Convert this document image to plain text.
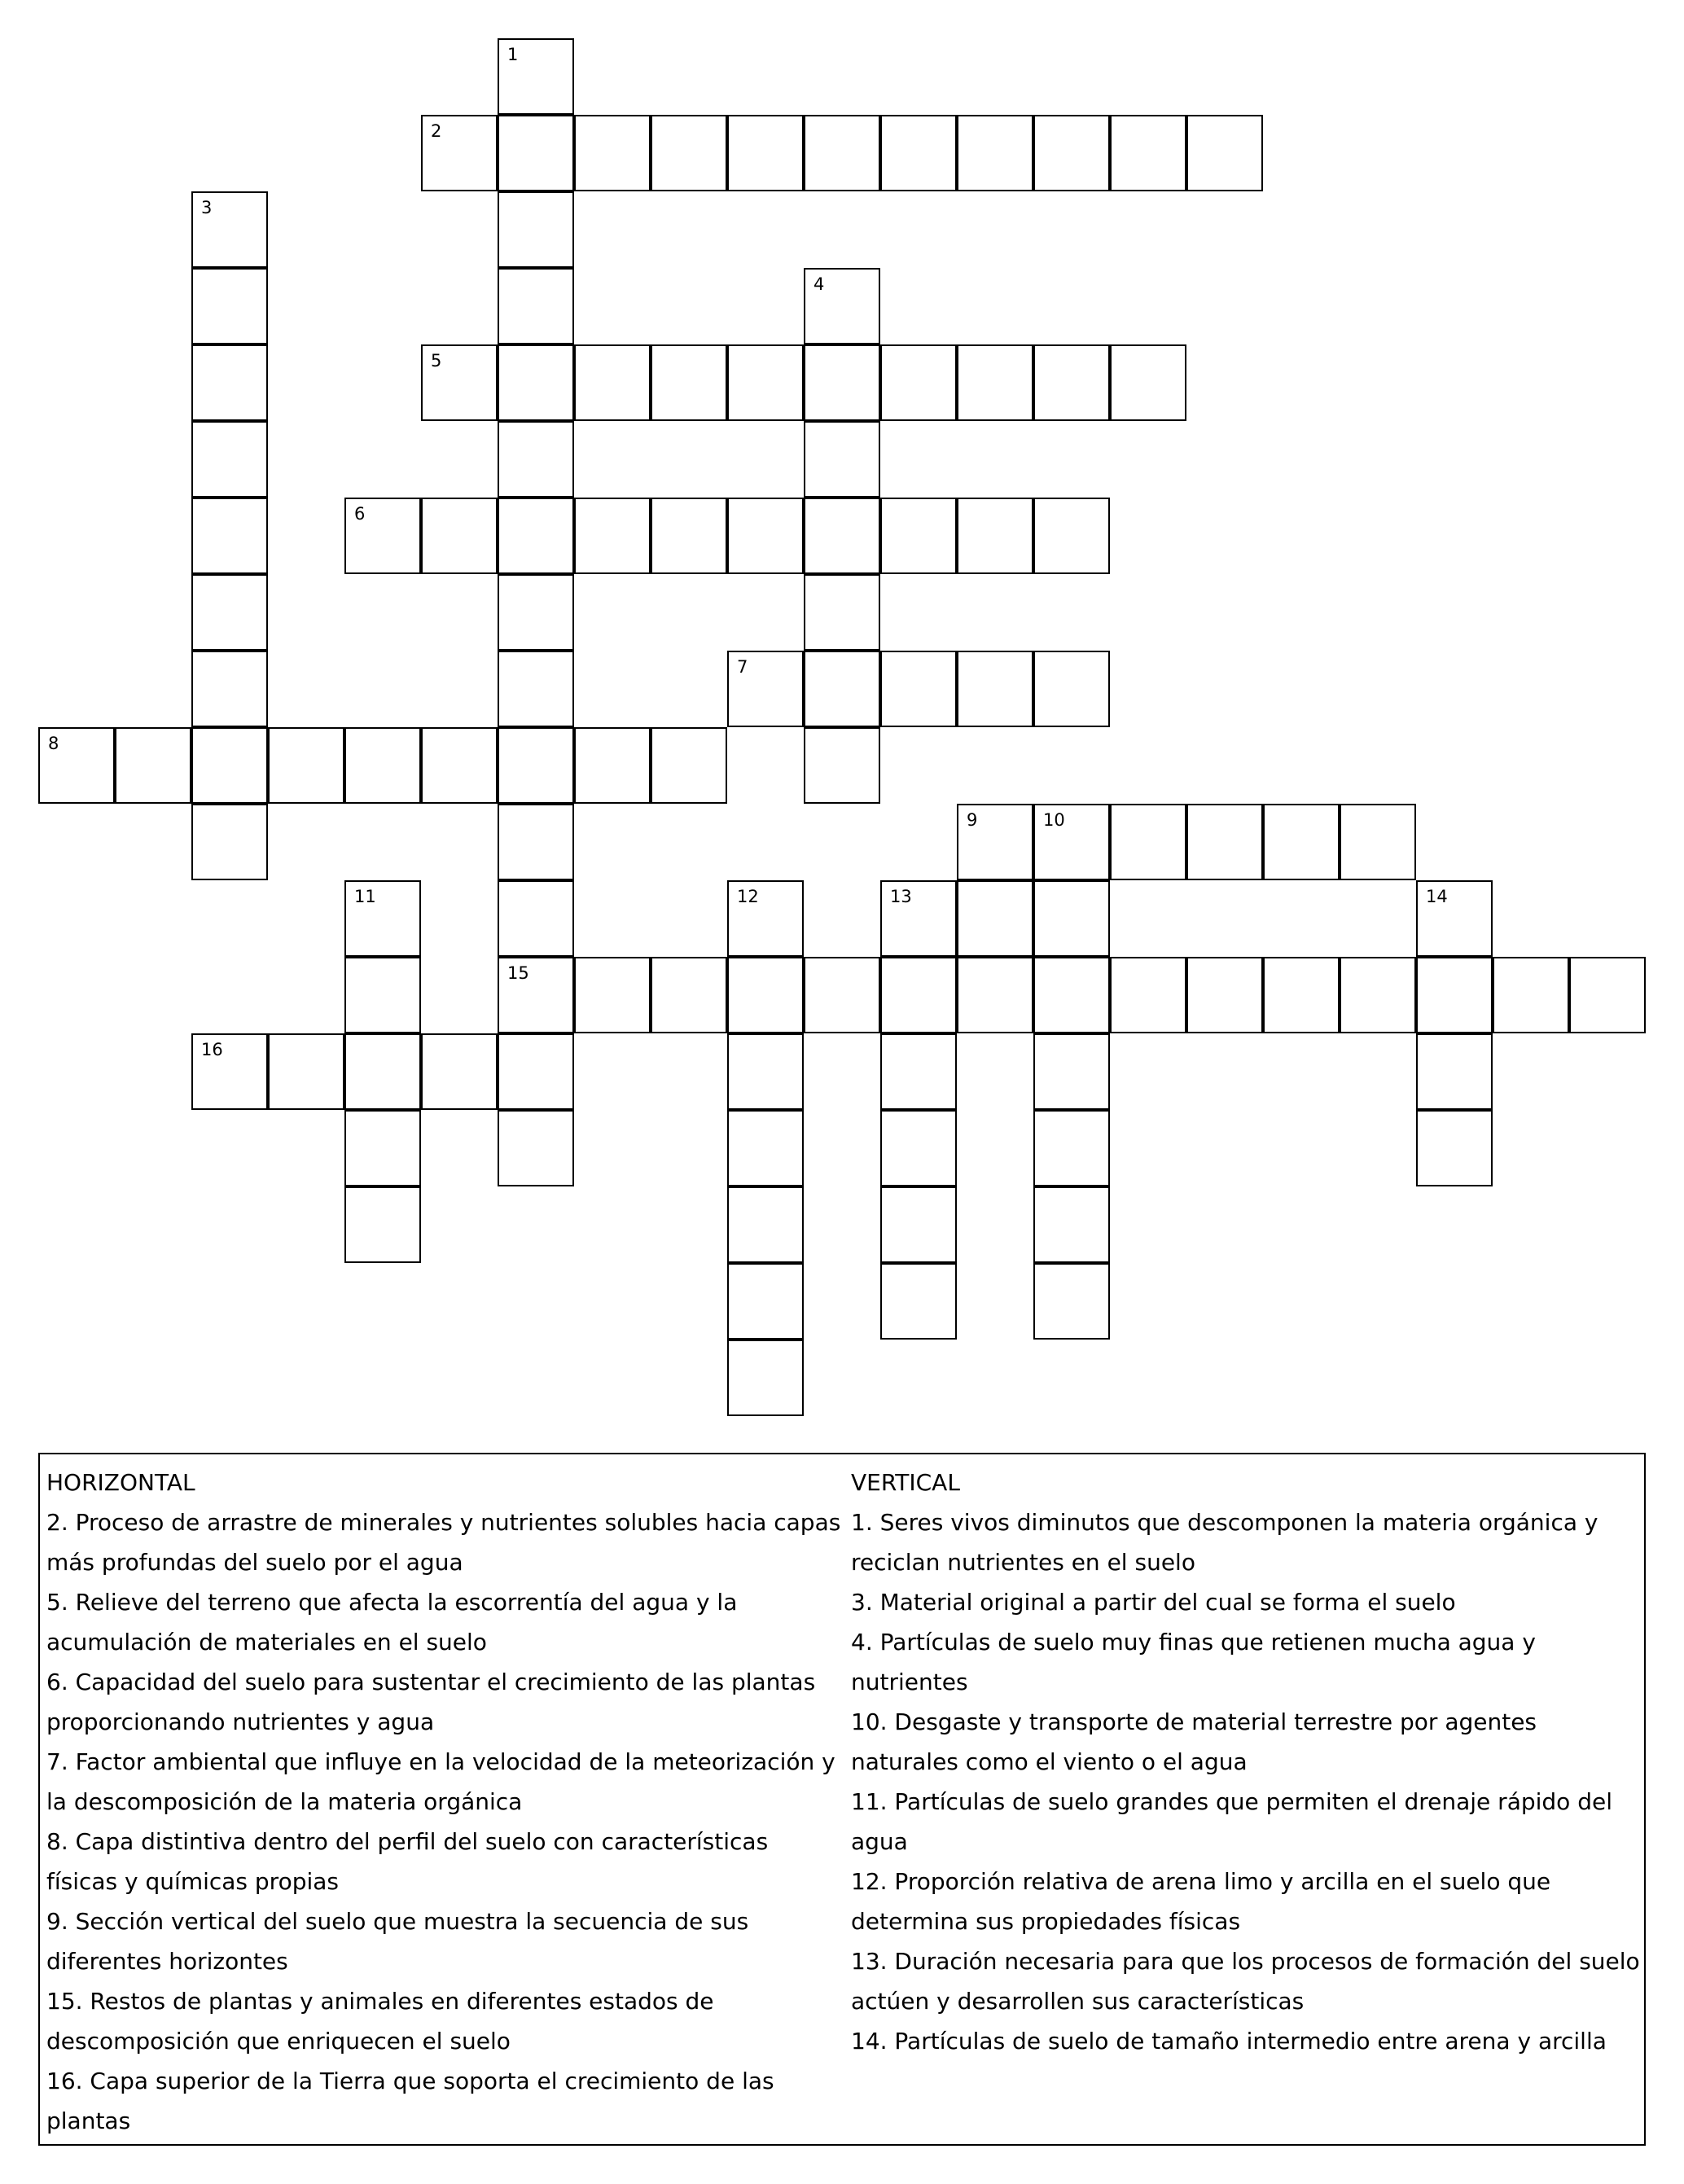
1
2
3
4
5
6
7
8
9	10
11	12	13	14
15
16

HORIZONTAL

2. Proceso de arrastre de minerales y nutrientes solubles hacia capas más profundas del suelo por el agua

5. Relieve del terreno que afecta la escorrentía del agua y la acumulación de materiales en el suelo

6. Capacidad del suelo para sustentar el crecimiento de las plantas proporcionando nutrientes y agua

7. Factor ambiental que influye en la velocidad de la meteorización y la descomposición de la materia orgánica

8. Capa distintiva dentro del perfil del suelo con características físicas y químicas propias

9. Sección vertical del suelo que muestra la secuencia de sus diferentes horizontes

15. Restos de plantas y animales en diferentes estados de descomposición que enriquecen el suelo

16. Capa superior de la Tierra que soporta el crecimiento de las plantas

VERTICAL

1. Seres vivos diminutos que descomponen la materia orgánica y reciclan nutrientes en el suelo

3. Material original a partir del cual se forma el suelo

4. Partículas de suelo muy finas que retienen mucha agua y nutrientes

10. Desgaste y transporte de material terrestre por agentes naturales como el viento o el agua

11. Partículas de suelo grandes que permiten el drenaje rápido del agua

12. Proporción relativa de arena limo y arcilla en el suelo que determina sus propiedades físicas

13. Duración necesaria para que los procesos de formación del suelo actúen y desarrollen sus características

14. Partículas de suelo de tamaño intermedio entre arena y arcilla
